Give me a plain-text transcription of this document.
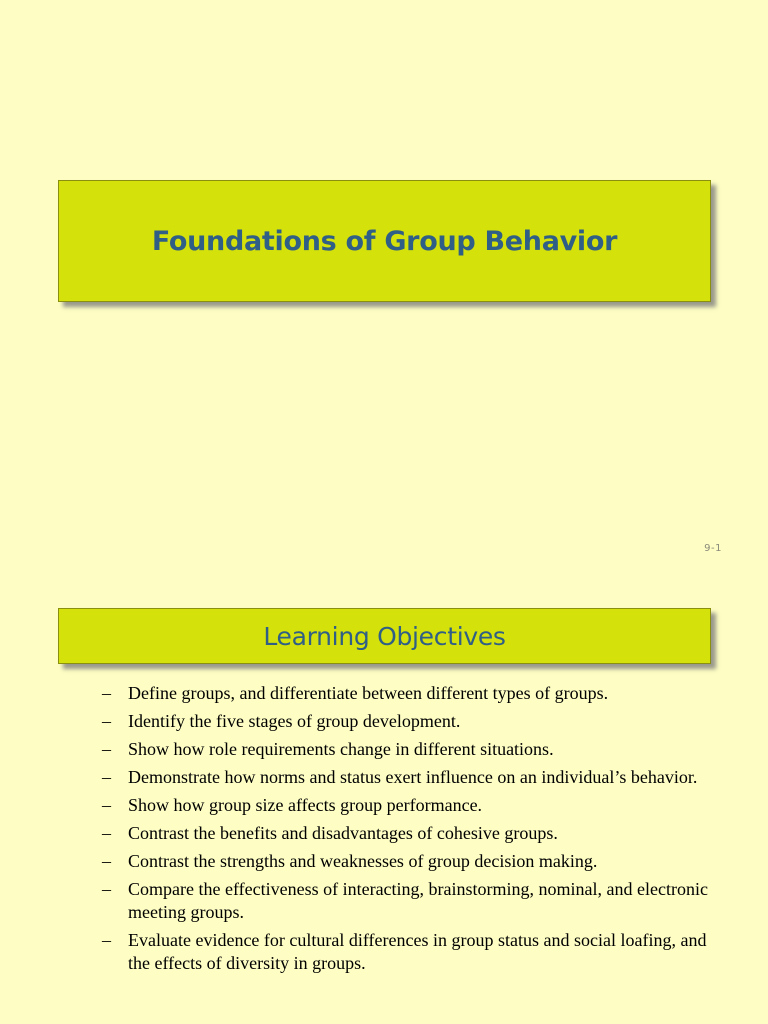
Foundations of Group Behavior
9-1
Learning Objectives
– Define groups, and differentiate between different types of groups.
– Identify the five stages of group development.
– Show how role requirements change in different situations.
– Demonstrate how norms and status exert influence on an individual’s behavior.
– Show how group size affects group performance.
– Contrast the benefits and disadvantages of cohesive groups.
– Contrast the strengths and weaknesses of group decision making.
– Compare the effectiveness of interacting, brainstorming, nominal, and electronic meeting groups.
– Evaluate evidence for cultural differences in group status and social loafing, and the effects of diversity in groups.
